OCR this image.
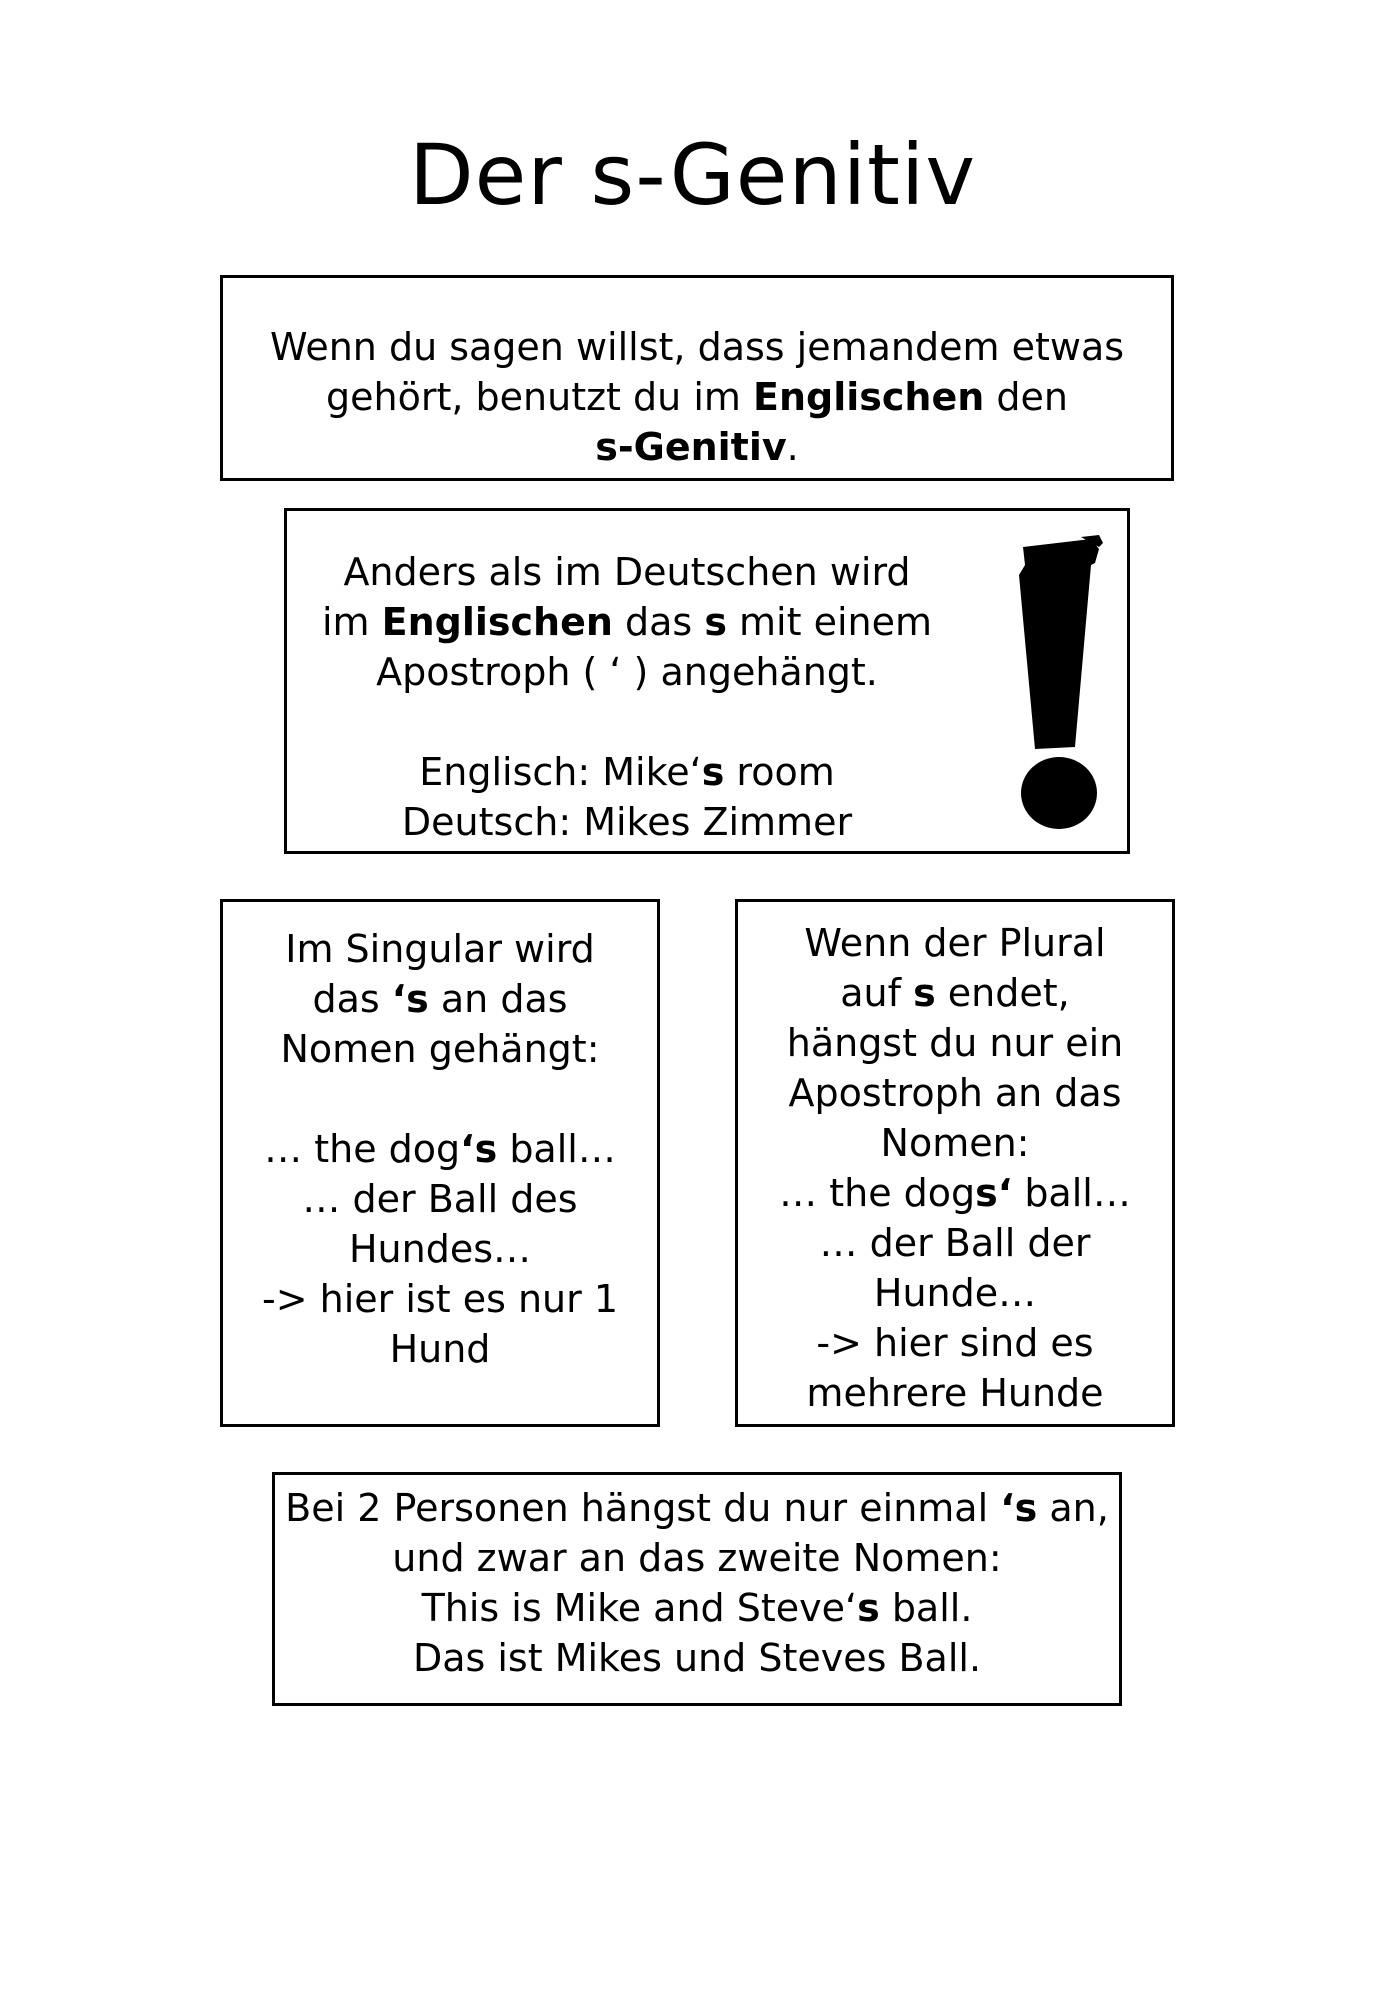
Der s-Genitiv
Wenn du sagen willst, dass jemandem etwas
gehört, benutzt du im Englischen den
s-Genitiv.
Anders als im Deutschen wird
im Englischen das s mit einem
Apostroph ( ‘ ) angehängt.

Englisch: Mike‘s room
Deutsch: Mikes Zimmer
Im Singular wird
das ‘s an das
Nomen gehängt:

… the dog‘s ball…
… der Ball des
Hundes…
-> hier ist es nur 1
Hund
Wenn der Plural
auf s endet,
hängst du nur ein
Apostroph an das
Nomen:
… the dogs‘ ball…
… der Ball der
Hunde…
-> hier sind es
mehrere Hunde
Bei 2 Personen hängst du nur einmal ‘s an,
und zwar an das zweite Nomen:
This is Mike and Steve‘s ball.
Das ist Mikes und Steves Ball.
